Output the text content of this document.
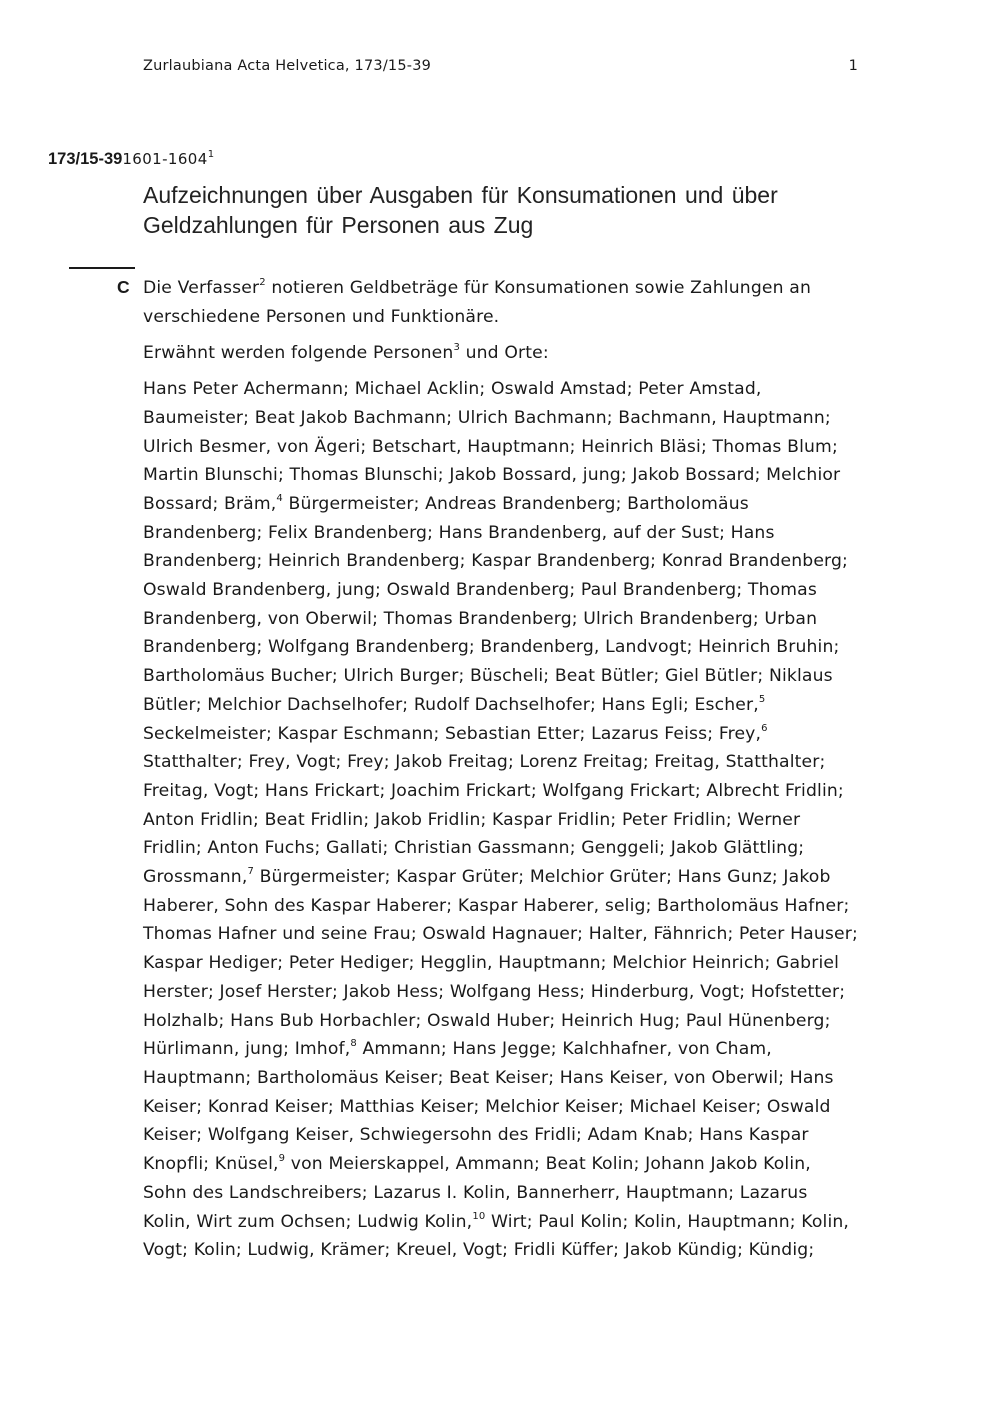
Zurlaubiana Acta Helvetica, 173/15-39	1
173/15-391601-1604$^1$
Aufzeichnungen über Ausgaben für Konsumationen und über Geldzahlungen für Personen aus Zug
C Die Verfasser$^2$ notieren Geldbeträge für Konsumationen sowie Zahlungen an verschiedene Personen und Funktionäre.

Erwähnt werden folgende Personen$^3$ und Orte:

Hans Peter Achermann; Michael Acklin; Oswald Amstad; Peter Amstad, Baumeister; Beat Jakob Bachmann; Ulrich Bachmann; Bachmann, Hauptmann; Ulrich Besmer, von Ägeri; Betschart, Hauptmann; Heinrich Bläsi; Thomas Blum; Martin Blunschi; Thomas Blunschi; Jakob Bossard, jung; Jakob Bossard; Melchior Bossard; Bräm,$^4$ Bürgermeister; Andreas Brandenberg; Bartholomäus Brandenberg; Felix Brandenberg; Hans Brandenberg, auf der Sust; Hans Brandenberg; Heinrich Brandenberg; Kaspar Brandenberg; Konrad Brandenberg; Oswald Brandenberg, jung; Oswald Brandenberg; Paul Brandenberg; Thomas Brandenberg, von Oberwil; Thomas Brandenberg; Ulrich Brandenberg; Urban Brandenberg; Wolfgang Brandenberg; Brandenberg, Landvogt; Heinrich Bruhin; Bartholomäus Bucher; Ulrich Burger; Büscheli; Beat Bütler; Giel Bütler; Niklaus Bütler; Melchior Dachselhofer; Rudolf Dachselhofer; Hans Egli; Escher,$^5$ Seckelmeister; Kaspar Eschmann; Sebastian Etter; Lazarus Feiss; Frey,$^6$ Statthalter; Frey, Vogt; Frey; Jakob Freitag; Lorenz Freitag; Freitag, Statthalter; Freitag, Vogt; Hans Frickart; Joachim Frickart; Wolfgang Frickart; Albrecht Fridlin; Anton Fridlin; Beat Fridlin; Jakob Fridlin; Kaspar Fridlin; Peter Fridlin; Werner Fridlin; Anton Fuchs; Gallati; Christian Gassmann; Genggeli; Jakob Glättling; Grossmann,$^7$ Bürgermeister; Kaspar Grüter; Melchior Grüter; Hans Gunz; Jakob Haberer, Sohn des Kaspar Haberer; Kaspar Haberer, selig; Bartholomäus Hafner; Thomas Hafner und seine Frau; Oswald Hagnauer; Halter, Fähnrich; Peter Hauser; Kaspar Hediger; Peter Hediger; Hegglin, Hauptmann; Melchior Heinrich; Gabriel Herster; Josef Herster; Jakob Hess; Wolfgang Hess; Hinderburg, Vogt; Hofstetter; Holzhalb; Hans Bub Horbachler; Oswald Huber; Heinrich Hug; Paul Hünenberg; Hürlimann, jung; Imhof,$^8$ Ammann; Hans Jegge; Kalchhafner, von Cham, Hauptmann; Bartholomäus Keiser; Beat Keiser; Hans Keiser, von Oberwil; Hans Keiser; Konrad Keiser; Matthias Keiser; Melchior Keiser; Michael Keiser; Oswald Keiser; Wolfgang Keiser, Schwiegersohn des Fridli; Adam Knab; Hans Kaspar Knopfli; Knüsel,$^9$ von Meierskappel, Ammann; Beat Kolin; Johann Jakob Kolin, Sohn des Landschreibers; Lazarus I. Kolin, Bannerherr, Hauptmann; Lazarus Kolin, Wirt zum Ochsen; Ludwig Kolin,$^{10}$ Wirt; Paul Kolin; Kolin, Hauptmann; Kolin, Vogt; Kolin; Ludwig, Krämer; Kreuel, Vogt; Fridli Küffer; Jakob Kündig; Kündig;
